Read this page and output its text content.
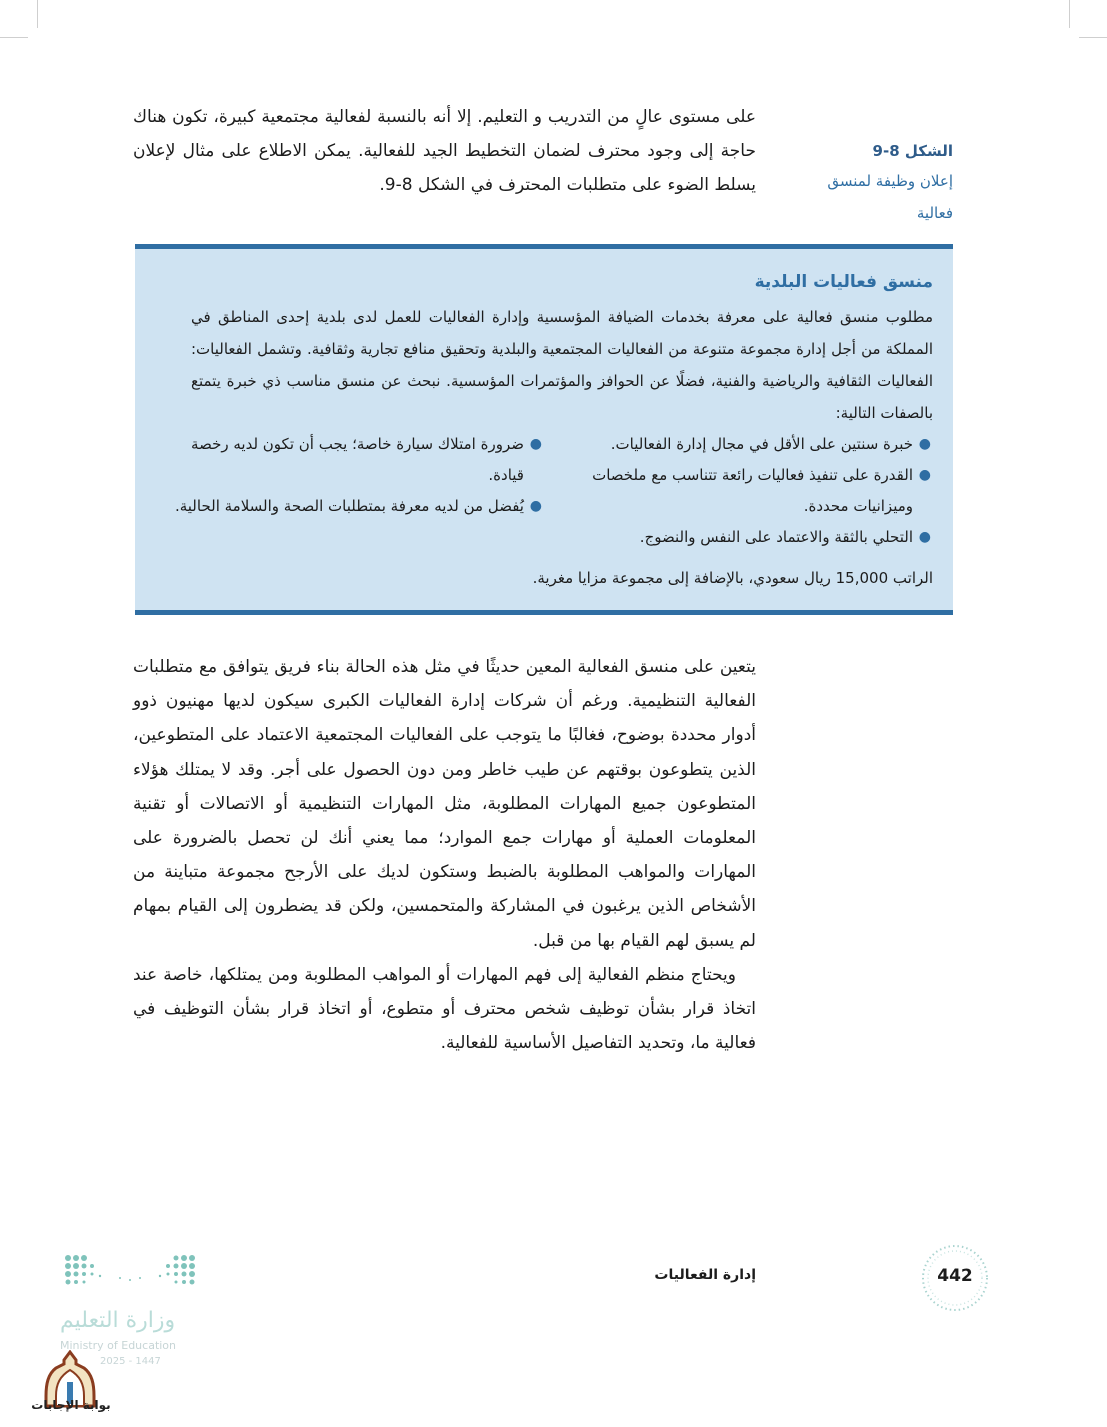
على مستوى عالٍ من التدريب و التعليم. إلا أنه بالنسبة لفعالية مجتمعية كبيرة، تكون هناك حاجة إلى وجود محترف لضمان التخطيط الجيد للفعالية. يمكن الاطلاع على مثال لإعلان يسلط الضوء على متطلبات المحترف في الشكل 8-9.

الشكل 8-9
إعلان وظيفة لمنسق فعالية
منسق فعاليات البلدية

مطلوب منسق فعالية على معرفة بخدمات الضيافة المؤسسية وإدارة الفعاليات للعمل لدى بلدية إحدى المناطق في المملكة من أجل إدارة مجموعة متنوعة من الفعاليات المجتمعية والبلدية وتحقيق منافع تجارية وثقافية. وتشمل الفعاليات: الفعاليات الثقافية والرياضية والفنية، فضلًا عن الحوافز والمؤتمرات المؤسسية. نبحث عن منسق مناسب ذي خبرة يتمتع بالصفات التالية:

●
خبرة سنتين على الأقل في مجال إدارة الفعاليات.
●
القدرة على تنفيذ فعاليات رائعة تتناسب مع ملخصات وميزانيات محددة.
●
التحلي بالثقة والاعتماد على النفس والنضوج.
●
ضرورة امتلاك سيارة خاصة؛ يجب أن تكون لديه رخصة قيادة.
●
يُفضل من لديه معرفة بمتطلبات الصحة والسلامة الحالية.

الراتب 15,000 ريال سعودي، بالإضافة إلى مجموعة مزايا مغرية.

يتعين على منسق الفعالية المعين حديثًا في مثل هذه الحالة بناء فريق يتوافق مع متطلبات الفعالية التنظيمية. ورغم أن شركات إدارة الفعاليات الكبرى سيكون لديها مهنيون ذوو أدوار محددة بوضوح، فغالبًا ما يتوجب على الفعاليات المجتمعية الاعتماد على المتطوعين، الذين يتطوعون بوقتهم عن طيب خاطر ومن دون الحصول على أجر. وقد لا يمتلك هؤلاء المتطوعون جميع المهارات المطلوبة، مثل المهارات التنظيمية أو الاتصالات أو تقنية المعلومات العملية أو مهارات جمع الموارد؛ مما يعني أنك لن تحصل بالضرورة على المهارات والمواهب المطلوبة بالضبط وستكون لديك على الأرجح مجموعة متباينة من الأشخاص الذين يرغبون في المشاركة والمتحمسين، ولكن قد يضطرون إلى القيام بمهام لم يسبق لهم القيام بها من قبل.

ويحتاج منظم الفعالية إلى فهم المهارات أو المواهب المطلوبة ومن يمتلكها، خاصة عند اتخاذ قرار بشأن توظيف شخص محترف أو متطوع، أو اتخاذ قرار بشأن التوظيف في فعالية ما، وتحديد التفاصيل الأساسية للفعالية.

إدارة الفعاليات	442
وزارة التعليم
Ministry of Education
2025 - 1447
بوابة الإجابات
